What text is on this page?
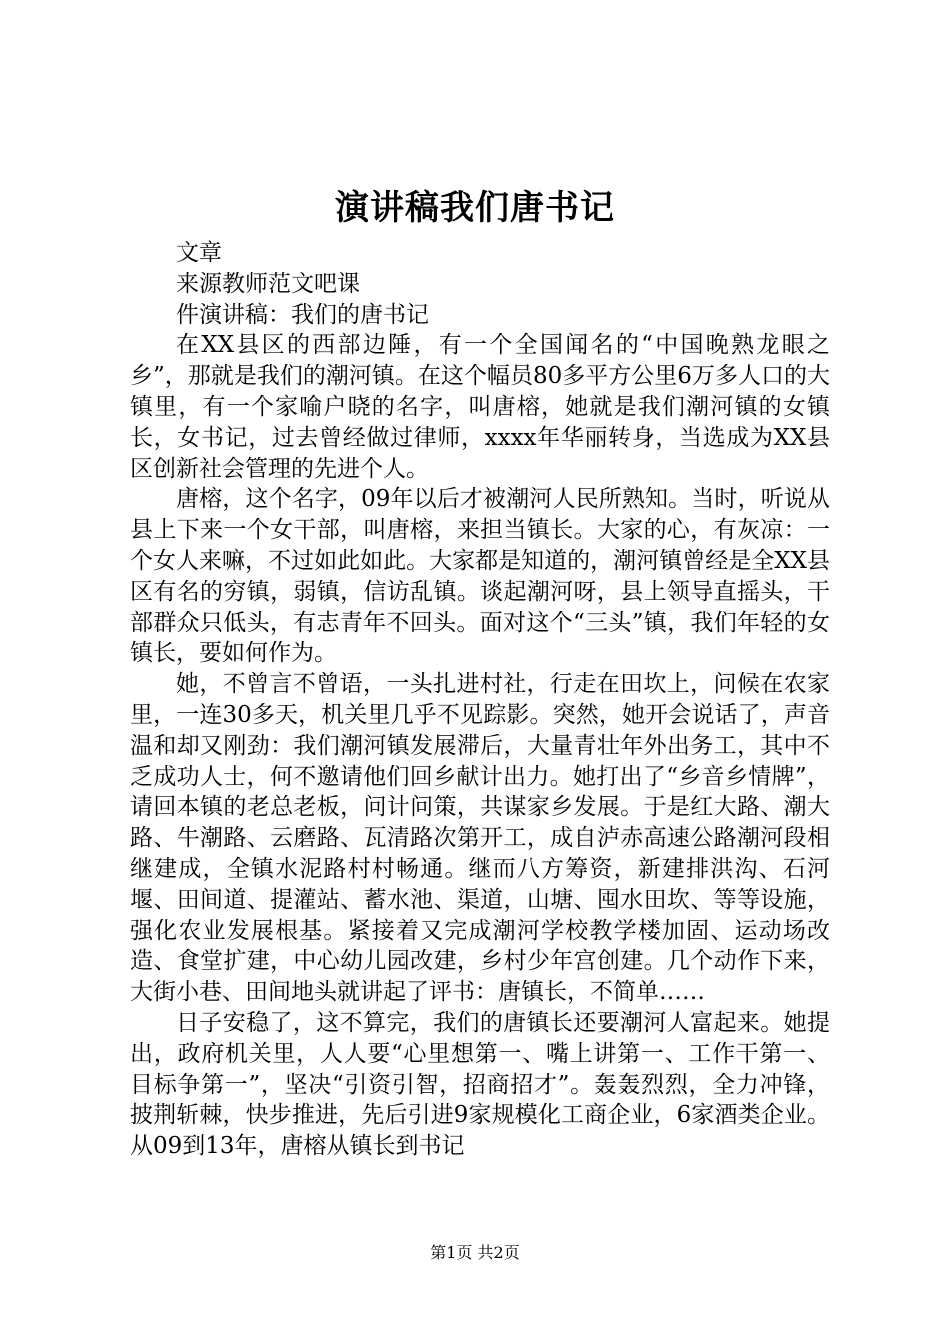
演讲稿我们唐书记

文章

来源教师范文吧课

件演讲稿：我们的唐书记

在XX县区的西部边陲，有一个全国闻名的“中国晚熟龙眼之乡”，那就是我们的潮河镇。在这个幅员80多平方公里6万多人口的大镇里，有一个家喻户晓的名字，叫唐榕，她就是我们潮河镇的女镇长，女书记，过去曾经做过律师，xxxx年华丽转身，当选成为XX县区创新社会管理的先进个人。

唐榕，这个名字，09年以后才被潮河人民所熟知。当时，听说从县上下来一个女干部，叫唐榕，来担当镇长。大家的心，有灰凉：一个女人来嘛，不过如此如此。大家都是知道的，潮河镇曾经是全XX县区有名的穷镇，弱镇，信访乱镇。谈起潮河呀，县上领导直摇头，干部群众只低头，有志青年不回头。面对这个“三头”镇，我们年轻的女镇长，要如何作为。

她，不曾言不曾语，一头扎进村社，行走在田坎上，问候在农家里，一连30多天，机关里几乎不见踪影。突然，她开会说话了，声音温和却又刚劲：我们潮河镇发展滞后，大量青壮年外出务工，其中不乏成功人士，何不邀请他们回乡献计出力。她打出了“乡音乡情牌”，请回本镇的老总老板，问计问策，共谋家乡发展。于是红大路、潮大路、牛潮路、云磨路、瓦清路次第开工，成自泸赤高速公路潮河段相继建成，全镇水泥路村村畅通。继而八方筹资，新建排洪沟、石河堰、田间道、提灌站、蓄水池、渠道，山塘、囤水田坎、等等设施，强化农业发展根基。紧接着又完成潮河学校教学楼加固、运动场改造、食堂扩建，中心幼儿园改建，乡村少年宫创建。几个动作下来，大街小巷、田间地头就讲起了评书：唐镇长，不简单……

日子安稳了，这不算完，我们的唐镇长还要潮河人富起来。她提出，政府机关里，人人要“心里想第一、嘴上讲第一、工作干第一、目标争第一”，坚决“引资引智，招商招才”。轰轰烈烈，全力冲锋，披荆斩棘，快步推进，先后引进9家规模化工商企业，6家酒类企业。从09到13年，唐榕从镇长到书记

第1页 共2页
